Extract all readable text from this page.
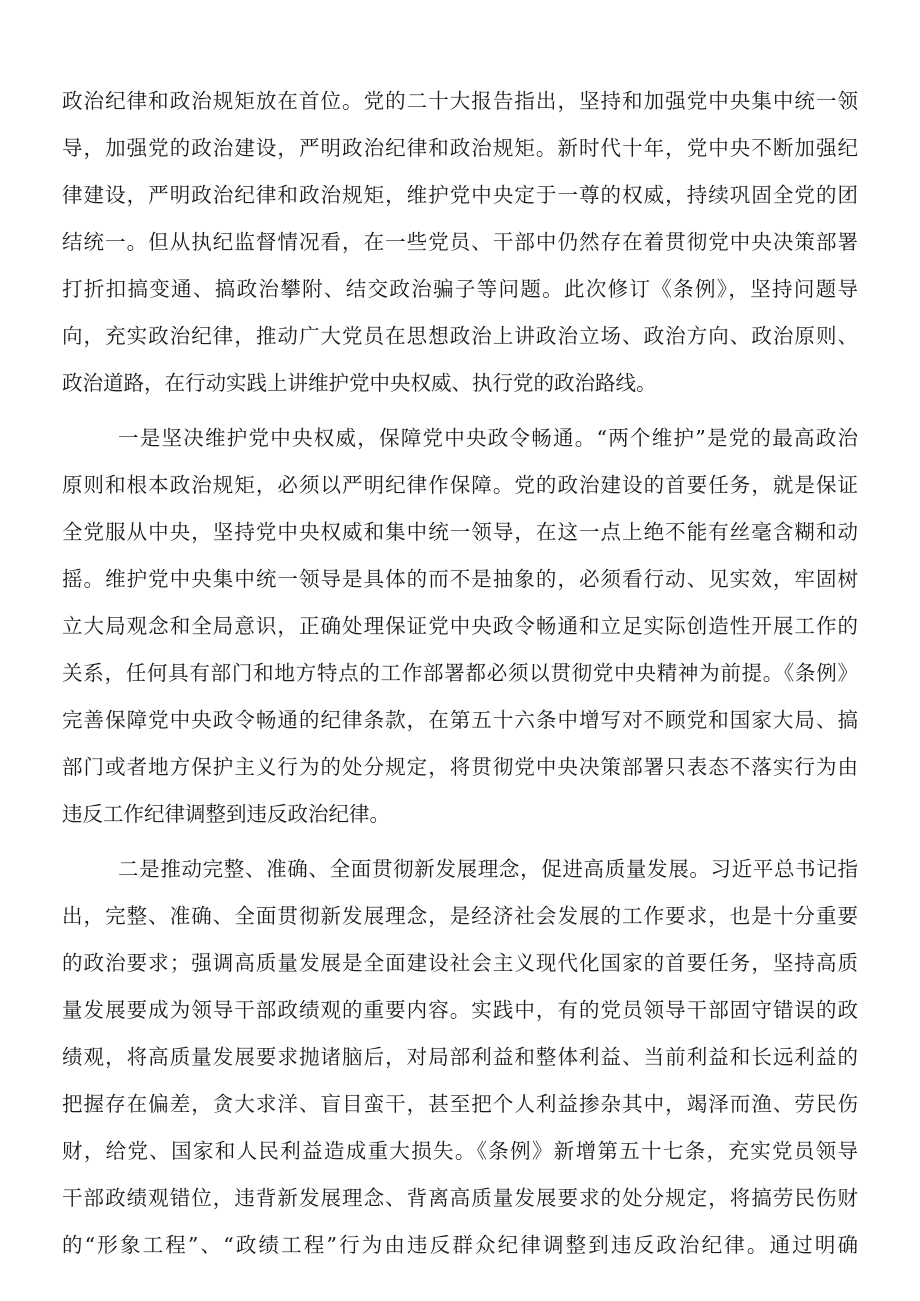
政治纪律和政治规矩放在首位。党的二十大报告指出，坚持和加强党中央集中统一领
导，加强党的政治建设，严明政治纪律和政治规矩。新时代十年，党中央不断加强纪
律建设，严明政治纪律和政治规矩，维护党中央定于一尊的权威，持续巩固全党的团
结统一。但从执纪监督情况看，在一些党员、干部中仍然存在着贯彻党中央决策部署
打折扣搞变通、搞政治攀附、结交政治骗子等问题。此次修订《条例》，坚持问题导
向，充实政治纪律，推动广大党员在思想政治上讲政治立场、政治方向、政治原则、
政治道路，在行动实践上讲维护党中央权威、执行党的政治路线。
一是坚决维护党中央权威，保障党中央政令畅通。“两个维护”是党的最高政治
原则和根本政治规矩，必须以严明纪律作保障。党的政治建设的首要任务，就是保证
全党服从中央，坚持党中央权威和集中统一领导，在这一点上绝不能有丝毫含糊和动
摇。维护党中央集中统一领导是具体的而不是抽象的，必须看行动、见实效，牢固树
立大局观念和全局意识，正确处理保证党中央政令畅通和立足实际创造性开展工作的
关系，任何具有部门和地方特点的工作部署都必须以贯彻党中央精神为前提。《条例》
完善保障党中央政令畅通的纪律条款，在第五十六条中增写对不顾党和国家大局、搞
部门或者地方保护主义行为的处分规定，将贯彻党中央决策部署只表态不落实行为由
违反工作纪律调整到违反政治纪律。
二是推动完整、准确、全面贯彻新发展理念，促进高质量发展。习近平总书记指
出，完整、准确、全面贯彻新发展理念，是经济社会发展的工作要求，也是十分重要
的政治要求；强调高质量发展是全面建设社会主义现代化国家的首要任务，坚持高质
量发展要成为领导干部政绩观的重要内容。实践中，有的党员领导干部固守错误的政
绩观，将高质量发展要求抛诸脑后，对局部利益和整体利益、当前利益和长远利益的
把握存在偏差，贪大求洋、盲目蛮干，甚至把个人利益掺杂其中，竭泽而渔、劳民伤
财，给党、国家和人民利益造成重大损失。《条例》新增第五十七条，充实党员领导
干部政绩观错位，违背新发展理念、背离高质量发展要求的处分规定，将搞劳民伤财
的“形象工程”、“政绩工程”行为由违反群众纪律调整到违反政治纪律。通过明确
